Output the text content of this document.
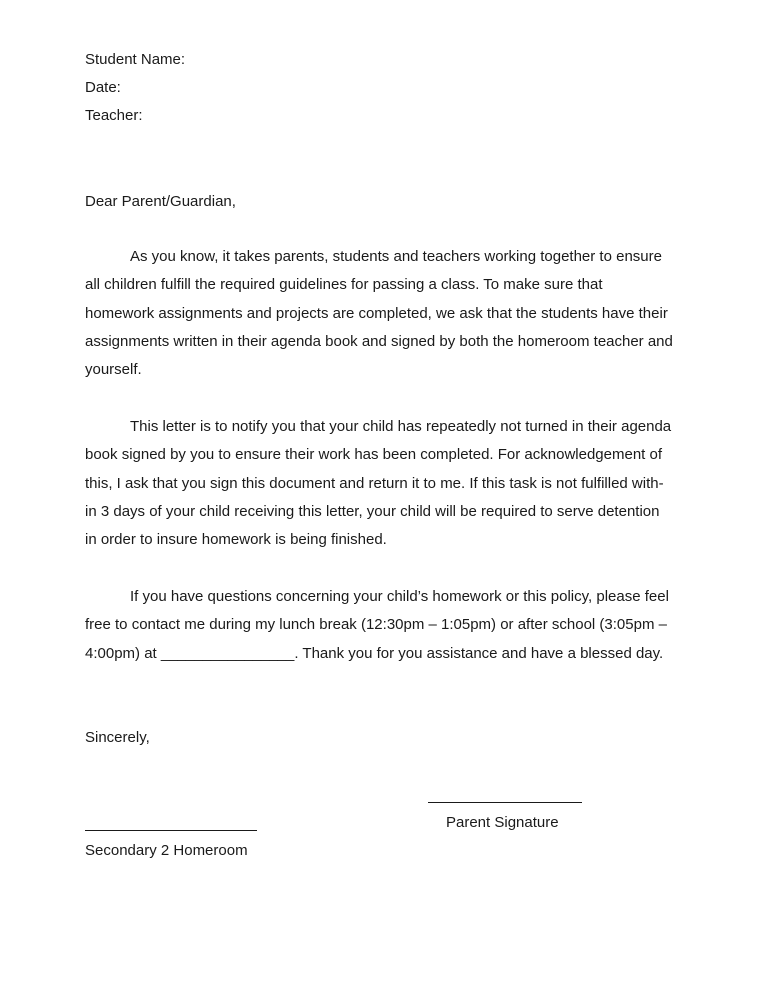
Student Name:
Date:
Teacher:
Dear Parent/Guardian,
As you know, it takes parents, students and teachers working together to ensure all children fulfill the required guidelines for passing a class. To make sure that homework assignments and projects are completed, we ask that the students have their assignments written in their agenda book and signed by both the homeroom teacher and yourself.
This letter is to notify you that your child has repeatedly not turned in their agenda book signed by you to ensure their work has been completed. For acknowledgement of this, I ask that you sign this document and return it to me. If this task is not fulfilled with-in 3 days of your child receiving this letter, your child will be required to serve detention in order to insure homework is being finished.
If you have questions concerning your child’s homework or this policy, please feel free to contact me during my lunch break (12:30pm – 1:05pm) or after school (3:05pm – 4:00pm) at ________________. Thank you for you assistance and have a blessed day.
Sincerely,
Parent Signature
Secondary 2 Homeroom
